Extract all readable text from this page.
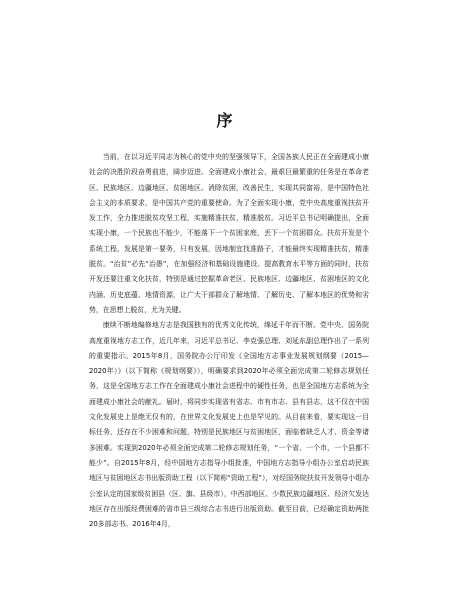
序

当前，在以习近平同志为核心的党中央的坚强领导下，全国各族人民正在全面建成小康社会的决胜阶段奋勇前进，阔步迈进。全面建成小康社会，最艰巨最繁重的任务是在革命老区、民族地区、边疆地区、贫困地区。消除贫困，改善民生，实现共同富裕，是中国特色社会主义的本质要求，是中国共产党的重要使命。为了全面实现小康，党中央高度重视扶贫开发工作，全力推进脱贫攻坚工程，实施精准扶贫，精准脱贫。习近平总书记明确提出，全面实现小康，一个民族也不能少，不能落下一个贫困家庭，丢下一个贫困群众。扶贫开发是个系统工程，发展是第一要务，只有发展，因地制宜找准路子，才能最终实现精准扶贫，精准脱贫。“治贫”必先“治愚”，在加强经济和基础设施建设、提高教育水平等方面的同时，扶贫开发还要注重文化扶贫，特别是通过挖掘革命老区、民族地区、边疆地区、贫困地区的文化内涵、历史底蕴、地情资源，让广大干部群众了解地情、了解历史、了解本地区的优势和劣势，在思想上脱贫，尤为关键。

康续不断地编修地方志是我国独有的优秀文化传统，绵延千年而不断。党中央、国务院高度重视地方志工作，近几年来，习近平总书记、李克强总理、刘延东副总理作出了一系列的重要指示。2015年8月，国务院办公厅印发《全国地方志事业发展规划纲要（2015—2020年）》（以下简称《规划纲要》），明确要求到2020年必须全面完成第二轮修志规划任务，这是全国地方志工作在全面建成小康社会进程中的硬性任务，也是全国地方志系统为全面建成小康社会的献礼。届时，将同步实现省有省志、市有市志、县有县志，这不仅在中国文化发展史上是绝无仅有的，在世界文化发展史上也是罕见的。从目前来看，要实现这一目标任务，还存在不少困难和问题，特别是民族地区与贫困地区，面临着缺乏人才、资金等诸多困难。实现到2020年必须全面完成第二轮修志规划任务，“一个省、一个市、一个县都不能少”。自2015年8月，经中国地方志指导小组批准，中国地方志指导小组办公室启动民族地区与贫困地区志书出版资助工程（以下简称“资助工程”），对经国务院扶贫开发领导小组办公室认定的国家级贫困县（区、旗、县级市），中西部地区、少数民族边疆地区、经济欠发达地区存在出版经费困难的省市县三级综合志书进行出版资助。截至目前，已经确定资助两批20多部志书。2016年4月，
